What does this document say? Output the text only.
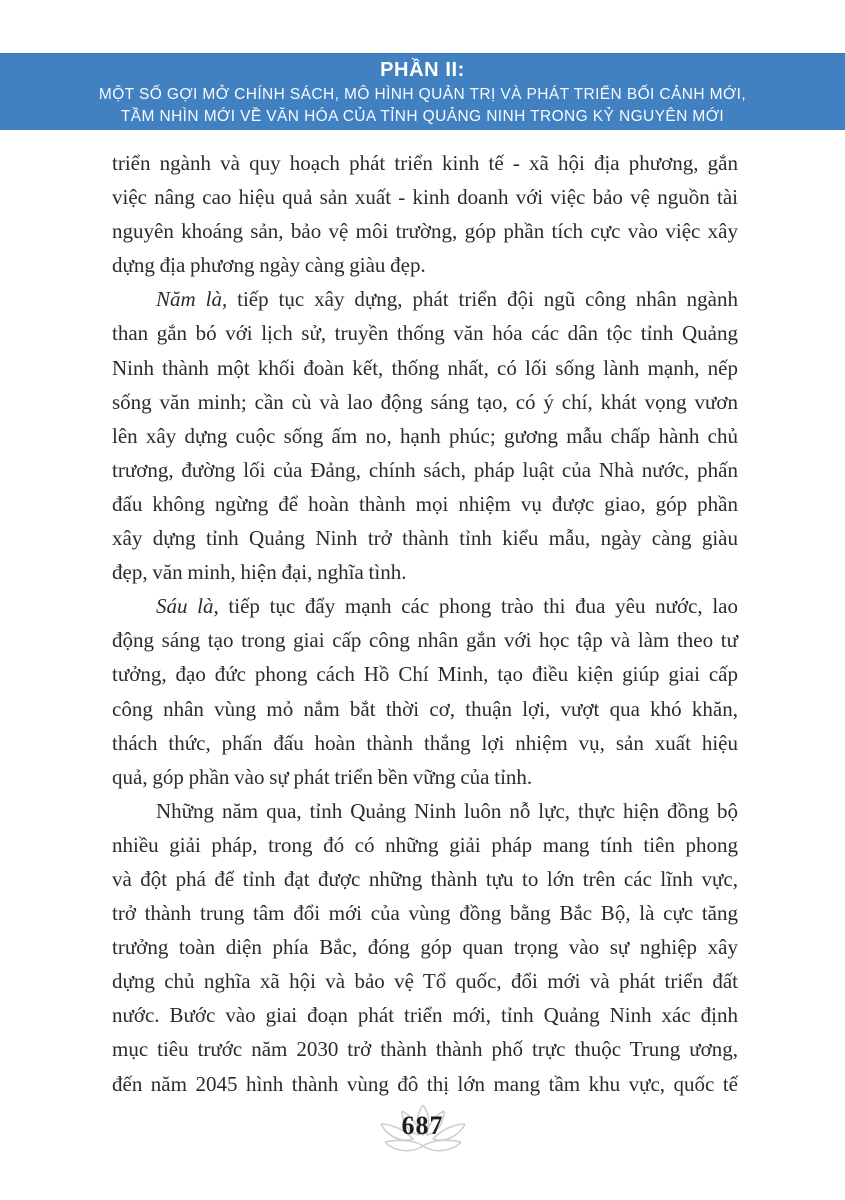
PHẦN II:
MỘT SỐ GỢI MỞ CHÍNH SÁCH, MÔ HÌNH QUẢN TRỊ VÀ PHÁT TRIỂN BỐI CẢNH MỚI,
TẦM NHÌN MỚI VỀ VĂN HÓA CỦA TỈNH QUẢNG NINH TRONG KỶ NGUYÊN MỚI
triển ngành và quy hoạch phát triển kinh tế - xã hội địa phương, gắn
việc nâng cao hiệu quả sản xuất - kinh doanh với việc bảo vệ nguồn tài
nguyên khoáng sản, bảo vệ môi trường, góp phần tích cực vào việc xây
dựng địa phương ngày càng giàu đẹp.
Năm là, tiếp tục xây dựng, phát triển đội ngũ công nhân ngành
than gắn bó với lịch sử, truyền thống văn hóa các dân tộc tỉnh Quảng
Ninh thành một khối đoàn kết, thống nhất, có lối sống lành mạnh, nếp
sống văn minh; cần cù và lao động sáng tạo, có ý chí, khát vọng vươn
lên xây dựng cuộc sống ấm no, hạnh phúc; gương mẫu chấp hành chủ
trương, đường lối của Đảng, chính sách, pháp luật của Nhà nước, phấn
đấu không ngừng để hoàn thành mọi nhiệm vụ được giao, góp phần
xây dựng tỉnh Quảng Ninh trở thành tỉnh kiểu mẫu, ngày càng giàu
đẹp, văn minh, hiện đại, nghĩa tình.
Sáu là, tiếp tục đẩy mạnh các phong trào thi đua yêu nước, lao
động sáng tạo trong giai cấp công nhân gắn với học tập và làm theo tư
tưởng, đạo đức phong cách Hồ Chí Minh, tạo điều kiện giúp giai cấp
công nhân vùng mỏ nắm bắt thời cơ, thuận lợi, vượt qua khó khăn,
thách thức, phấn đấu hoàn thành thắng lợi nhiệm vụ, sản xuất hiệu
quả, góp phần vào sự phát triển bền vững của tỉnh.
Những năm qua, tỉnh Quảng Ninh luôn nỗ lực, thực hiện đồng bộ
nhiều giải pháp, trong đó có những giải pháp mang tính tiên phong
và đột phá để tỉnh đạt được những thành tựu to lớn trên các lĩnh vực,
trở thành trung tâm đổi mới của vùng đồng bằng Bắc Bộ, là cực tăng
trưởng toàn diện phía Bắc, đóng góp quan trọng vào sự nghiệp xây
dựng chủ nghĩa xã hội và bảo vệ Tổ quốc, đổi mới và phát triển đất
nước. Bước vào giai đoạn phát triển mới, tỉnh Quảng Ninh xác định
mục tiêu trước năm 2030 trở thành thành phố trực thuộc Trung ương,
đến năm 2045 hình thành vùng đô thị lớn mang tầm khu vực, quốc tế
687
